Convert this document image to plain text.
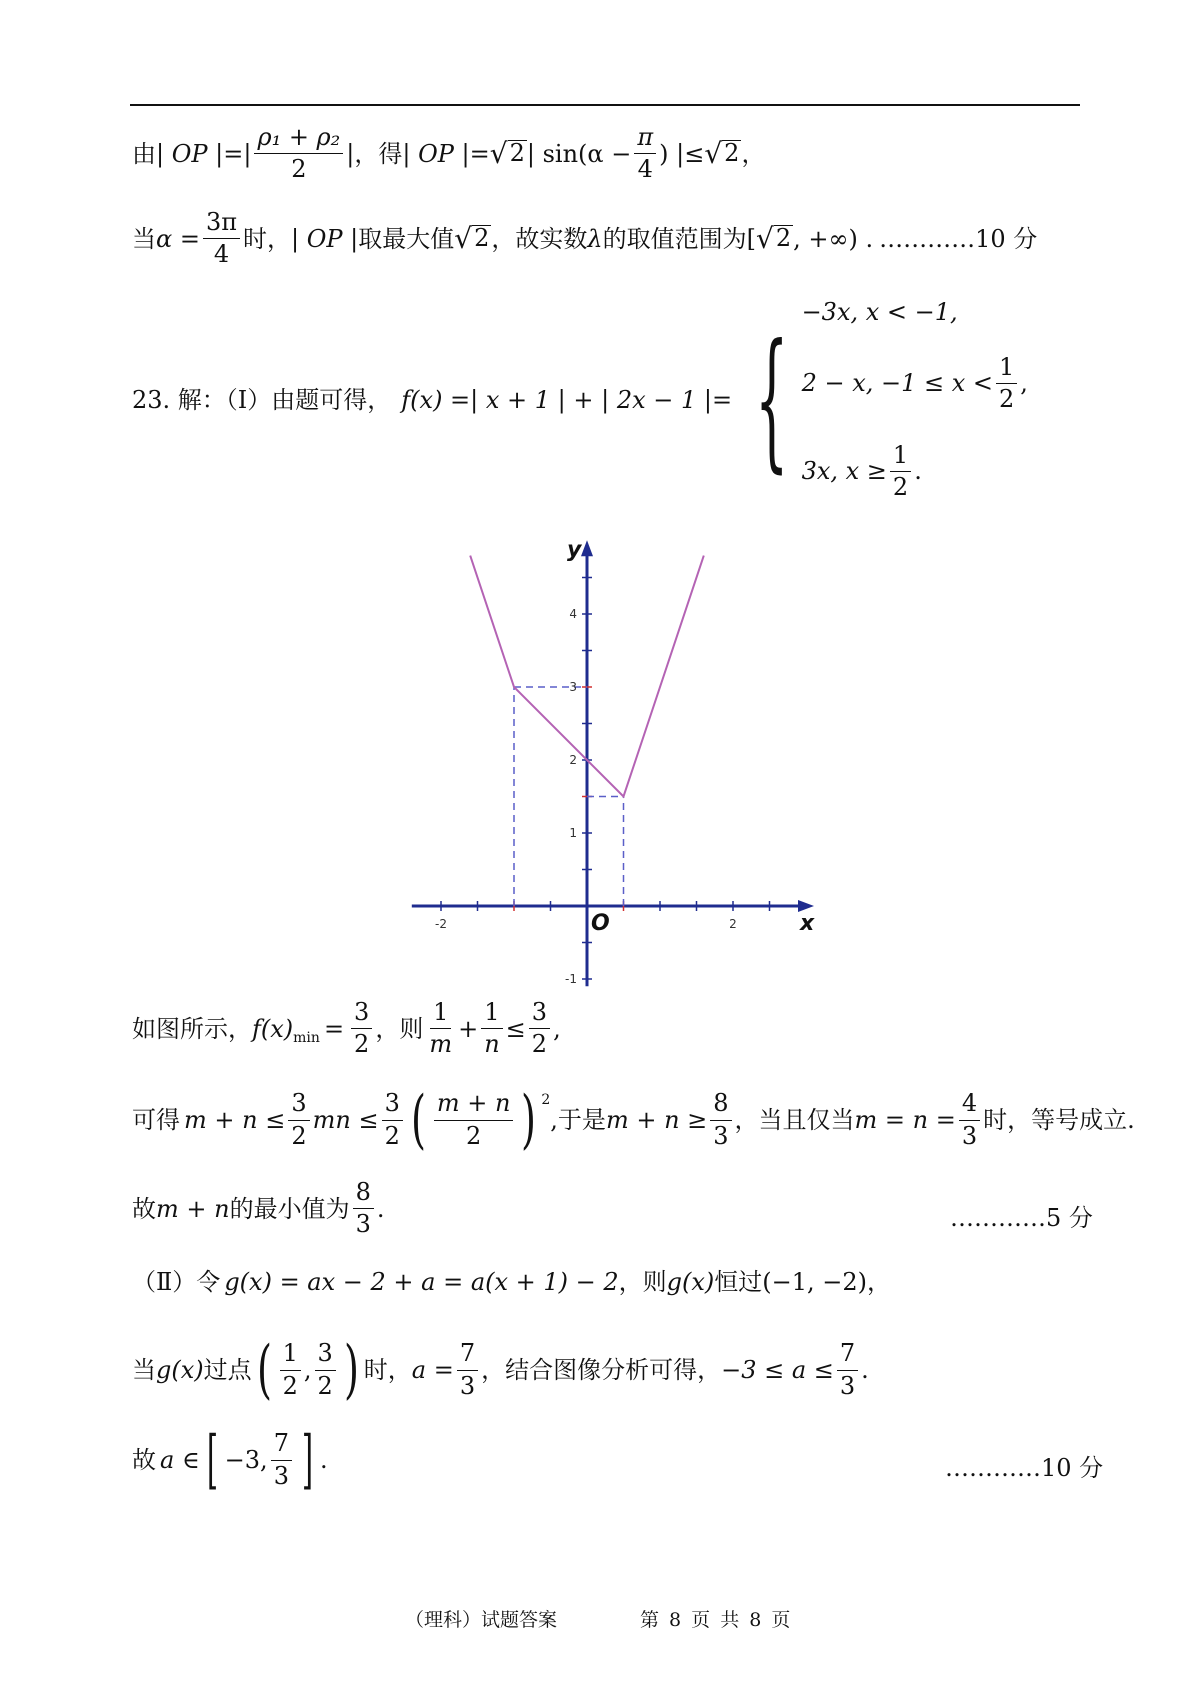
由 | OP |=| $\frac{\text{ρ₁ + ρ₂}}{2}$ |，得 | OP |= √ 2 | $\sin(\alpha - \frac{\pi}{4}$ ) |≤ √ 2 ，
当 $\alpha = \frac{3\pi}{4}$ 时， | OP | 取最大值 √ 2 ，故实数 λ 的取值范围为 [ √ 2 , +∞) . …………10 分
23. 解：（Ⅰ）由题可得， f(x) =| x + 1 | + | 2x − 1 |= {
−3x, x < −1,
2 − x, $-1 \le x < \frac{1}{2}$ ,
3x, $x \ge \frac{1}{2}$ .
-2	2
-1
1
2
3
4
x
y
O
如图所示， $f(x)_{min} = \frac{3}{2}$ ，则 $\frac{1}{m} + \frac{1}{n} \le \frac{3}{2}$ ,
可得 $m + n \le \frac{3}{2}$ mn ≤ $\frac{3}{2}$ ( $\frac{m + n}{2}$ ) $^2$
,于是 $m + n \ge \frac{8}{3}$ ，当且仅当 $m = n = \frac{4}{3}$ 时，等号成立.
故 m + n 的最小值为 $\frac{8}{3}$ .	…………5 分
（Ⅱ）令 g(x) = ax − 2 + a = a(x + 1) − 2 ，则 g(x) 恒过 (−1, −2) ，
当 g(x) 过点 ( $\frac{1}{2}$ , $\frac{3}{2}$ ) 时， $a = \frac{7}{3}$ ，结合图像分析可得， $-3 \le a \le \frac{7}{3}$ .
故 a ∈ [ −3, $\frac{7}{3}$ ] .	…………10 分
（理科）试题答案	第 8 页 共 8 页
